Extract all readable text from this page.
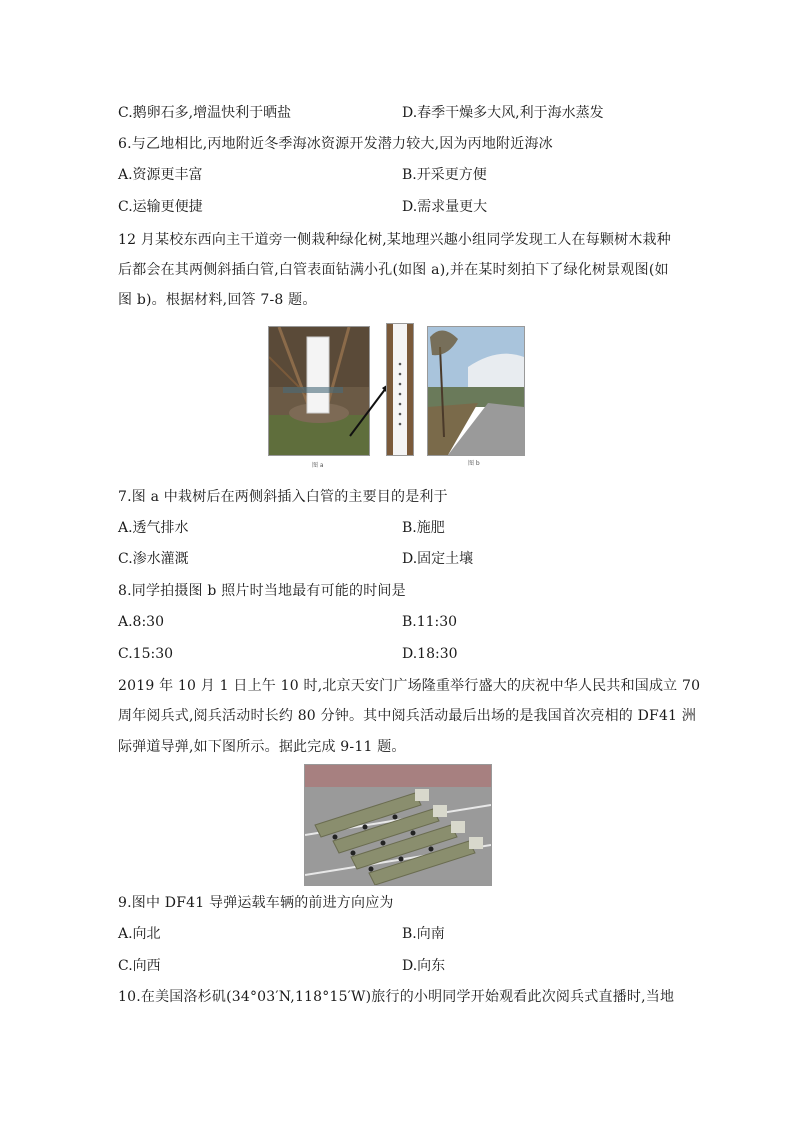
C.鹅卵石多,增温快利于晒盐	D.春季干燥多大风,利于海水蒸发
6.与乙地相比,丙地附近冬季海冰资源开发潜力较大,因为丙地附近海冰
A.资源更丰富	B.开采更方便
C.运输更便捷	D.需求量更大
12 月某校东西向主干道旁一侧栽种绿化树,某地理兴趣小组同学发现工人在每颗树木栽种
后都会在其两侧斜插白管,白管表面钻满小孔(如图 a),并在某时刻拍下了绿化树景观图(如
图 b)。根据材料,回答 7-8 题。
图 a	图 b
7.图 a 中栽树后在两侧斜插入白管的主要目的是利于
A.透气排水	B.施肥
C.渗水灌溉	D.固定土壤
8.同学拍摄图 b 照片时当地最有可能的时间是
A.8:30	B.11:30
C.15:30	D.18:30
2019 年 10 月 1 日上午 10 时,北京天安门广场隆重举行盛大的庆祝中华人民共和国成立 70
周年阅兵式,阅兵活动时长约 80 分钟。其中阅兵活动最后出场的是我国首次亮相的 DF41 洲
际弹道导弹,如下图所示。据此完成 9-11 题。
9.图中 DF41 导弹运载车辆的前进方向应为
A.向北	B.向南
C.向西	D.向东
10.在美国洛杉矶(34°03′N,118°15′W)旅行的小明同学开始观看此次阅兵式直播时,当地
